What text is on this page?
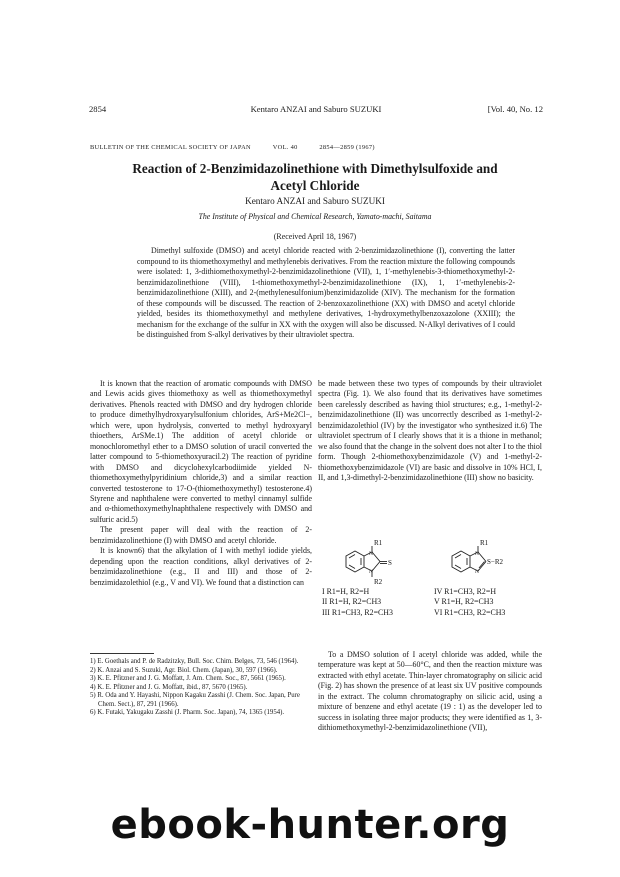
2854	Kentaro ANZAI and Saburo SUZUKI	[Vol. 40, No. 12
BULLETIN OF THE CHEMICAL SOCIETY OF JAPAN	VOL. 40	2854—2859 (1967)
Reaction of 2-Benzimidazolinethione with Dimethylsulfoxide and
Acetyl Chloride
Kentaro ANZAI and Saburo SUZUKI
The Institute of Physical and Chemical Research, Yamato-machi, Saitama
(Received April 18, 1967)

Dimethyl sulfoxide (DMSO) and acetyl chloride reacted with 2-benzimidazolinethione (I), converting the latter compound to its thiomethoxymethyl and methylenebis derivatives. From the reaction mixture the following compounds were isolated: 1, 3-dithiomethoxymethyl-2-benzimidazolinethione (VII), 1, 1′-methylenebis-3-thiomethoxymethyl-2-benzimidazolinethione (VIII), 1-thiomethoxymethyl-2-benzimidazolinethione (IX), 1, 1′-methylenebis-2-benzimidazolinethione (XIII), and 2-(methylenesulfonium)benzimidazolide (XIV). The mechanism for the formation of these compounds will be discussed. The reaction of 2-benzoxazolinethione (XX) with DMSO and acetyl chloride yielded, besides its thiomethoxymethyl and methylene derivatives, 1-hydroxymethylbenzoxazolone (XXIII); the mechanism for the exchange of the sulfur in XX with the oxygen will also be discussed. N-Alkyl derivatives of I could be distinguished from S-alkyl derivatives by their ultraviolet spectra.

It is known that the reaction of aromatic compounds with DMSO and Lewis acids gives thiomethoxy as well as thiomethoxymethyl derivatives. Phenols reacted with DMSO and dry hydrogen chloride to produce dimethylhydroxyarylsulfonium chlorides, ArS+Me2Cl−, which were, upon hydrolysis, converted to methyl hydroxyaryl thioethers, ArSMe.1) The addition of acetyl chloride or monochloromethyl ether to a DMSO solution of uracil converted the latter compound to 5-thiomethoxyuracil.2) The reaction of pyridine with DMSO and dicyclohexylcarbodiimide yielded N-thiomethoxymethylpyridinium chloride,3) and a similar reaction converted testosterone to 17-O-(thiomethoxymethyl) testosterone.4) Styrene and naphthalene were converted to methyl cinnamyl sulfide and α-thiomethoxymethylnaphthalene respectively with DMSO and sulfuric acid.5)

The present paper will deal with the reaction of 2-benzimidazolinethione (I) with DMSO and acetyl chloride.

It is known6) that the alkylation of I with methyl iodide yields, depending upon the reaction conditions, alkyl derivatives of 2-benzimidazolinethione (e.g., II and III) and those of 2-benzimidazolethiol (e.g., V and VI). We found that a distinction can

1) E. Goethals and P. de Radzitzky, Bull. Soc. Chim. Belges, 73, 546 (1964).
2) K. Anzai and S. Suzuki, Agr. Biol. Chem. (Japan), 30, 597 (1966).
3) K. E. Pfitzner and J. G. Moffatt, J. Am. Chem. Soc., 87, 5661 (1965).
4) K. E. Pfitzner and J. G. Moffatt, ibid., 87, 5670 (1965).
5) R. Oda and Y. Hayashi, Nippon Kagaku Zasshi (J. Chem. Soc. Japan, Pure Chem. Sect.), 87, 291 (1966).
6) K. Futaki, Yakugaku Zasshi (J. Pharm. Soc. Japan), 74, 1365 (1954).

be made between these two types of compounds by their ultraviolet spectra (Fig. 1). We also found that its derivatives have sometimes been carelessly described as having thiol structures; e.g., 1-methyl-2-benzimidazolinethione (II) was uncorrectly described as 1-methyl-2-benzimidazolethiol (IV) by the investigator who synthesized it.6) The ultraviolet spectrum of I clearly shows that it is a thione in methanol; we also found that the change in the solvent does not alter I to the thiol form. Though 2-thiomethoxybenzimidazole (V) and 1-methyl-2-thiomethoxybenzimidazole (VI) are basic and dissolve in 10% HCl, I, II, and 1,3-dimethyl-2-benzimidazolinethione (III) show no basicity.

R1
N
N
S
R2
R1
N
N
S−R2
I R1=H, R2=H	IV R1=CH3, R2=H
II R1=H, R2=CH3	V R1=H, R2=CH3
III R1=CH3, R2=CH3	VI R1=CH3, R2=CH3

To a DMSO solution of I acetyl chloride was added, while the temperature was kept at 50—60°C, and then the reaction mixture was extracted with ethyl acetate. Thin-layer chromatography on silicic acid (Fig. 2) has shown the presence of at least six UV positive compounds in the extract. The column chromatography on silicic acid, using a mixture of benzene and ethyl acetate (19 : 1) as the developer led to success in isolating three major products; they were identified as 1, 3-dithiomethoxymethyl-2-benzimidazolinethione (VII),

ebook-hunter.org
